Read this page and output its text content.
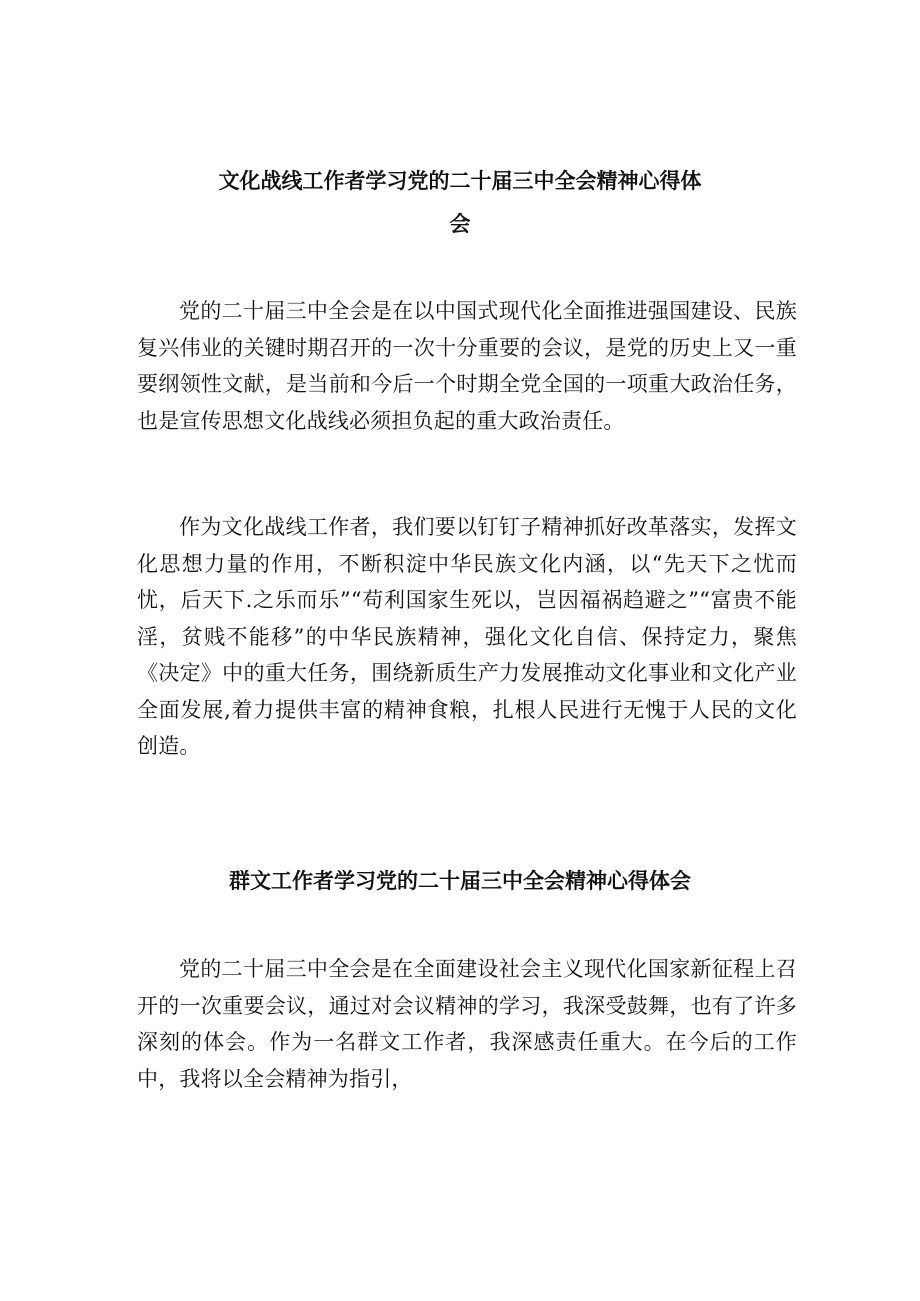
文化战线工作者学习党的二十届三中全会精神心得体
会

党的二十届三中全会是在以中国式现代化全面推进强国建设、民族复兴伟业的关键时期召开的一次十分重要的会议，是党的历史上又一重要纲领性文献，是当前和今后一个时期全党全国的一项重大政治任务，也是宣传思想文化战线必须担负起的重大政治责任。

作为文化战线工作者，我们要以钉钉子精神抓好改革落实，发挥文化思想力量的作用，不断积淀中华民族文化内涵，以“先天下之忧而忧，后天下.之乐而乐”“苟利国家生死以，岂因福祸趋避之”“富贵不能淫，贫贱不能移”的中华民族精神，强化文化自信、保持定力，聚焦《决定》中的重大任务，围绕新质生产力发展推动文化事业和文化产业全面发展,着力提供丰富的精神食粮，扎根人民进行无愧于人民的文化创造。

群文工作者学习党的二十届三中全会精神心得体会

党的二十届三中全会是在全面建设社会主义现代化国家新征程上召开的一次重要会议，通过对会议精神的学习，我深受鼓舞，也有了许多深刻的体会。作为一名群文工作者，我深感责任重大。在今后的工作中，我将以全会精神为指引，
